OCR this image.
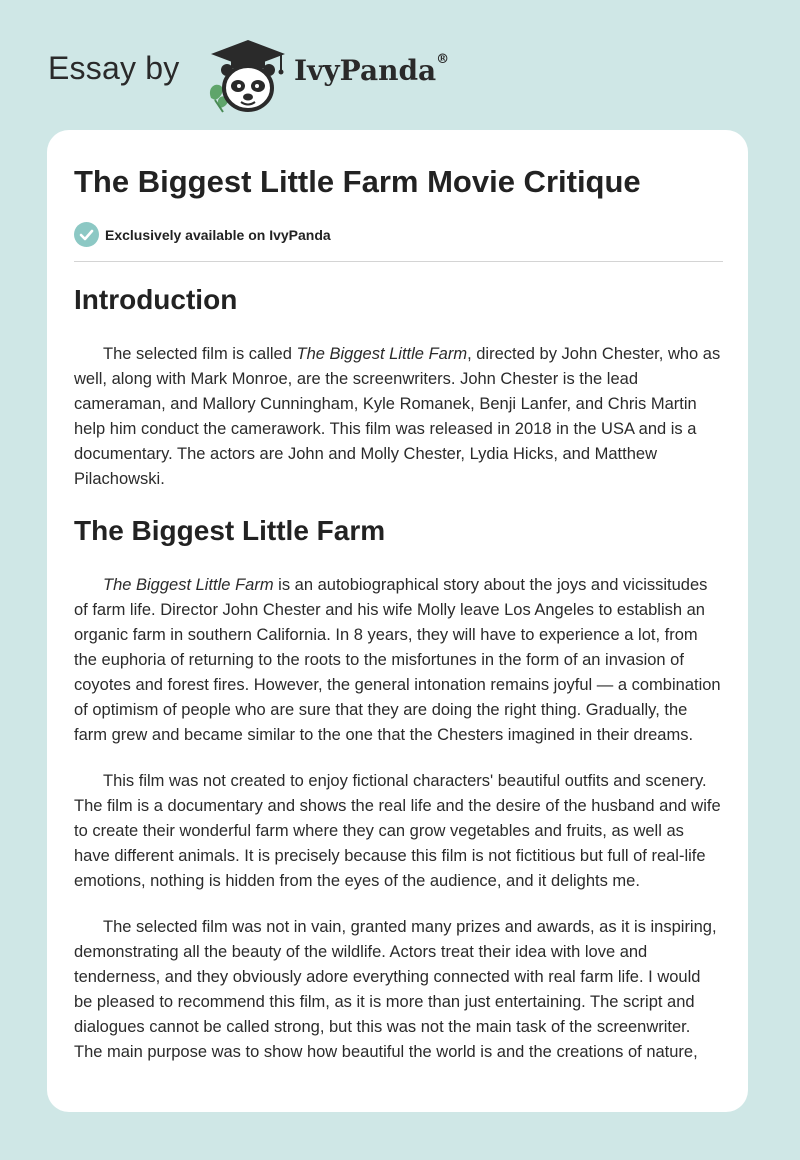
Essay by	IvyPanda®
The Biggest Little Farm Movie Critique
Exclusively available on IvyPanda
Introduction

The selected film is called The Biggest Little Farm, directed by John Chester, who as well, along with Mark Monroe, are the screenwriters. John Chester is the lead cameraman, and Mallory Cunningham, Kyle Romanek, Benji Lanfer, and Chris Martin help him conduct the camerawork. This film was released in 2018 in the USA and is a documentary. The actors are John and Molly Chester, Lydia Hicks, and Matthew Pilachowski.

The Biggest Little Farm

The Biggest Little Farm is an autobiographical story about the joys and vicissitudes of farm life. Director John Chester and his wife Molly leave Los Angeles to establish an organic farm in southern California. In 8 years, they will have to experience a lot, from the euphoria of returning to the roots to the misfortunes in the form of an invasion of coyotes and forest fires. However, the general intonation remains joyful — a combination of optimism of people who are sure that they are doing the right thing. Gradually, the farm grew and became similar to the one that the Chesters imagined in their dreams.

This film was not created to enjoy fictional characters' beautiful outfits and scenery. The film is a documentary and shows the real life and the desire of the husband and wife to create their wonderful farm where they can grow vegetables and fruits, as well as have different animals. It is precisely because this film is not fictitious but full of real-life emotions, nothing is hidden from the eyes of the audience, and it delights me.

The selected film was not in vain, granted many prizes and awards, as it is inspiring, demonstrating all the beauty of the wildlife. Actors treat their idea with love and tenderness, and they obviously adore everything connected with real farm life. I would be pleased to recommend this film, as it is more than just entertaining. The script and dialogues cannot be called strong, but this was not the main task of the screenwriter. The main purpose was to show how beautiful the world is and the creations of nature,
